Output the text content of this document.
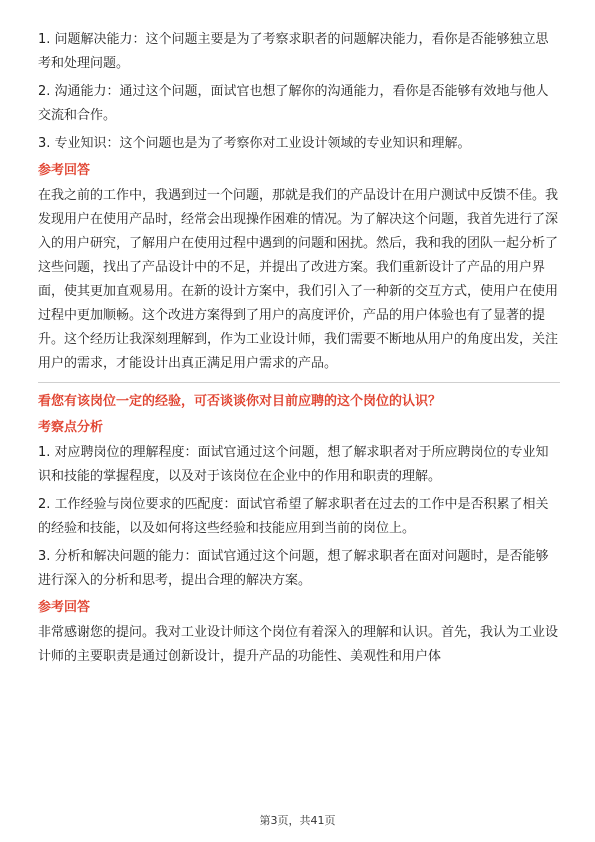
1. 问题解决能力：这个问题主要是为了考察求职者的问题解决能力，看你是否能够独立思考和处理问题。

2. 沟通能力：通过这个问题，面试官也想了解你的沟通能力，看你是否能够有效地与他人交流和合作。

3. 专业知识：这个问题也是为了考察你对工业设计领域的专业知识和理解。

参考回答

在我之前的工作中，我遇到过一个问题，那就是我们的产品设计在用户测试中反馈不佳。我发现用户在使用产品时，经常会出现操作困难的情况。为了解决这个问题，我首先进行了深入的用户研究，了解用户在使用过程中遇到的问题和困扰。然后，我和我的团队一起分析了这些问题，找出了产品设计中的不足，并提出了改进方案。我们重新设计了产品的用户界面，使其更加直观易用。在新的设计方案中，我们引入了一种新的交互方式，使用户在使用过程中更加顺畅。这个改进方案得到了用户的高度评价，产品的用户体验也有了显著的提升。这个经历让我深刻理解到，作为工业设计师，我们需要不断地从用户的角度出发，关注用户的需求，才能设计出真正满足用户需求的产品。

看您有该岗位一定的经验，可否谈谈你对目前应聘的这个岗位的认识？
考察点分析

1. 对应聘岗位的理解程度：面试官通过这个问题，想了解求职者对于所应聘岗位的专业知识和技能的掌握程度，以及对于该岗位在企业中的作用和职责的理解。

2. 工作经验与岗位要求的匹配度：面试官希望了解求职者在过去的工作中是否积累了相关的经验和技能，以及如何将这些经验和技能应用到当前的岗位上。

3. 分析和解决问题的能力：面试官通过这个问题，想了解求职者在面对问题时，是否能够进行深入的分析和思考，提出合理的解决方案。

参考回答

非常感谢您的提问。我对工业设计师这个岗位有着深入的理解和认识。首先，我认为工业设计师的主要职责是通过创新设计，提升产品的功能性、美观性和用户体

第3页，共41页
